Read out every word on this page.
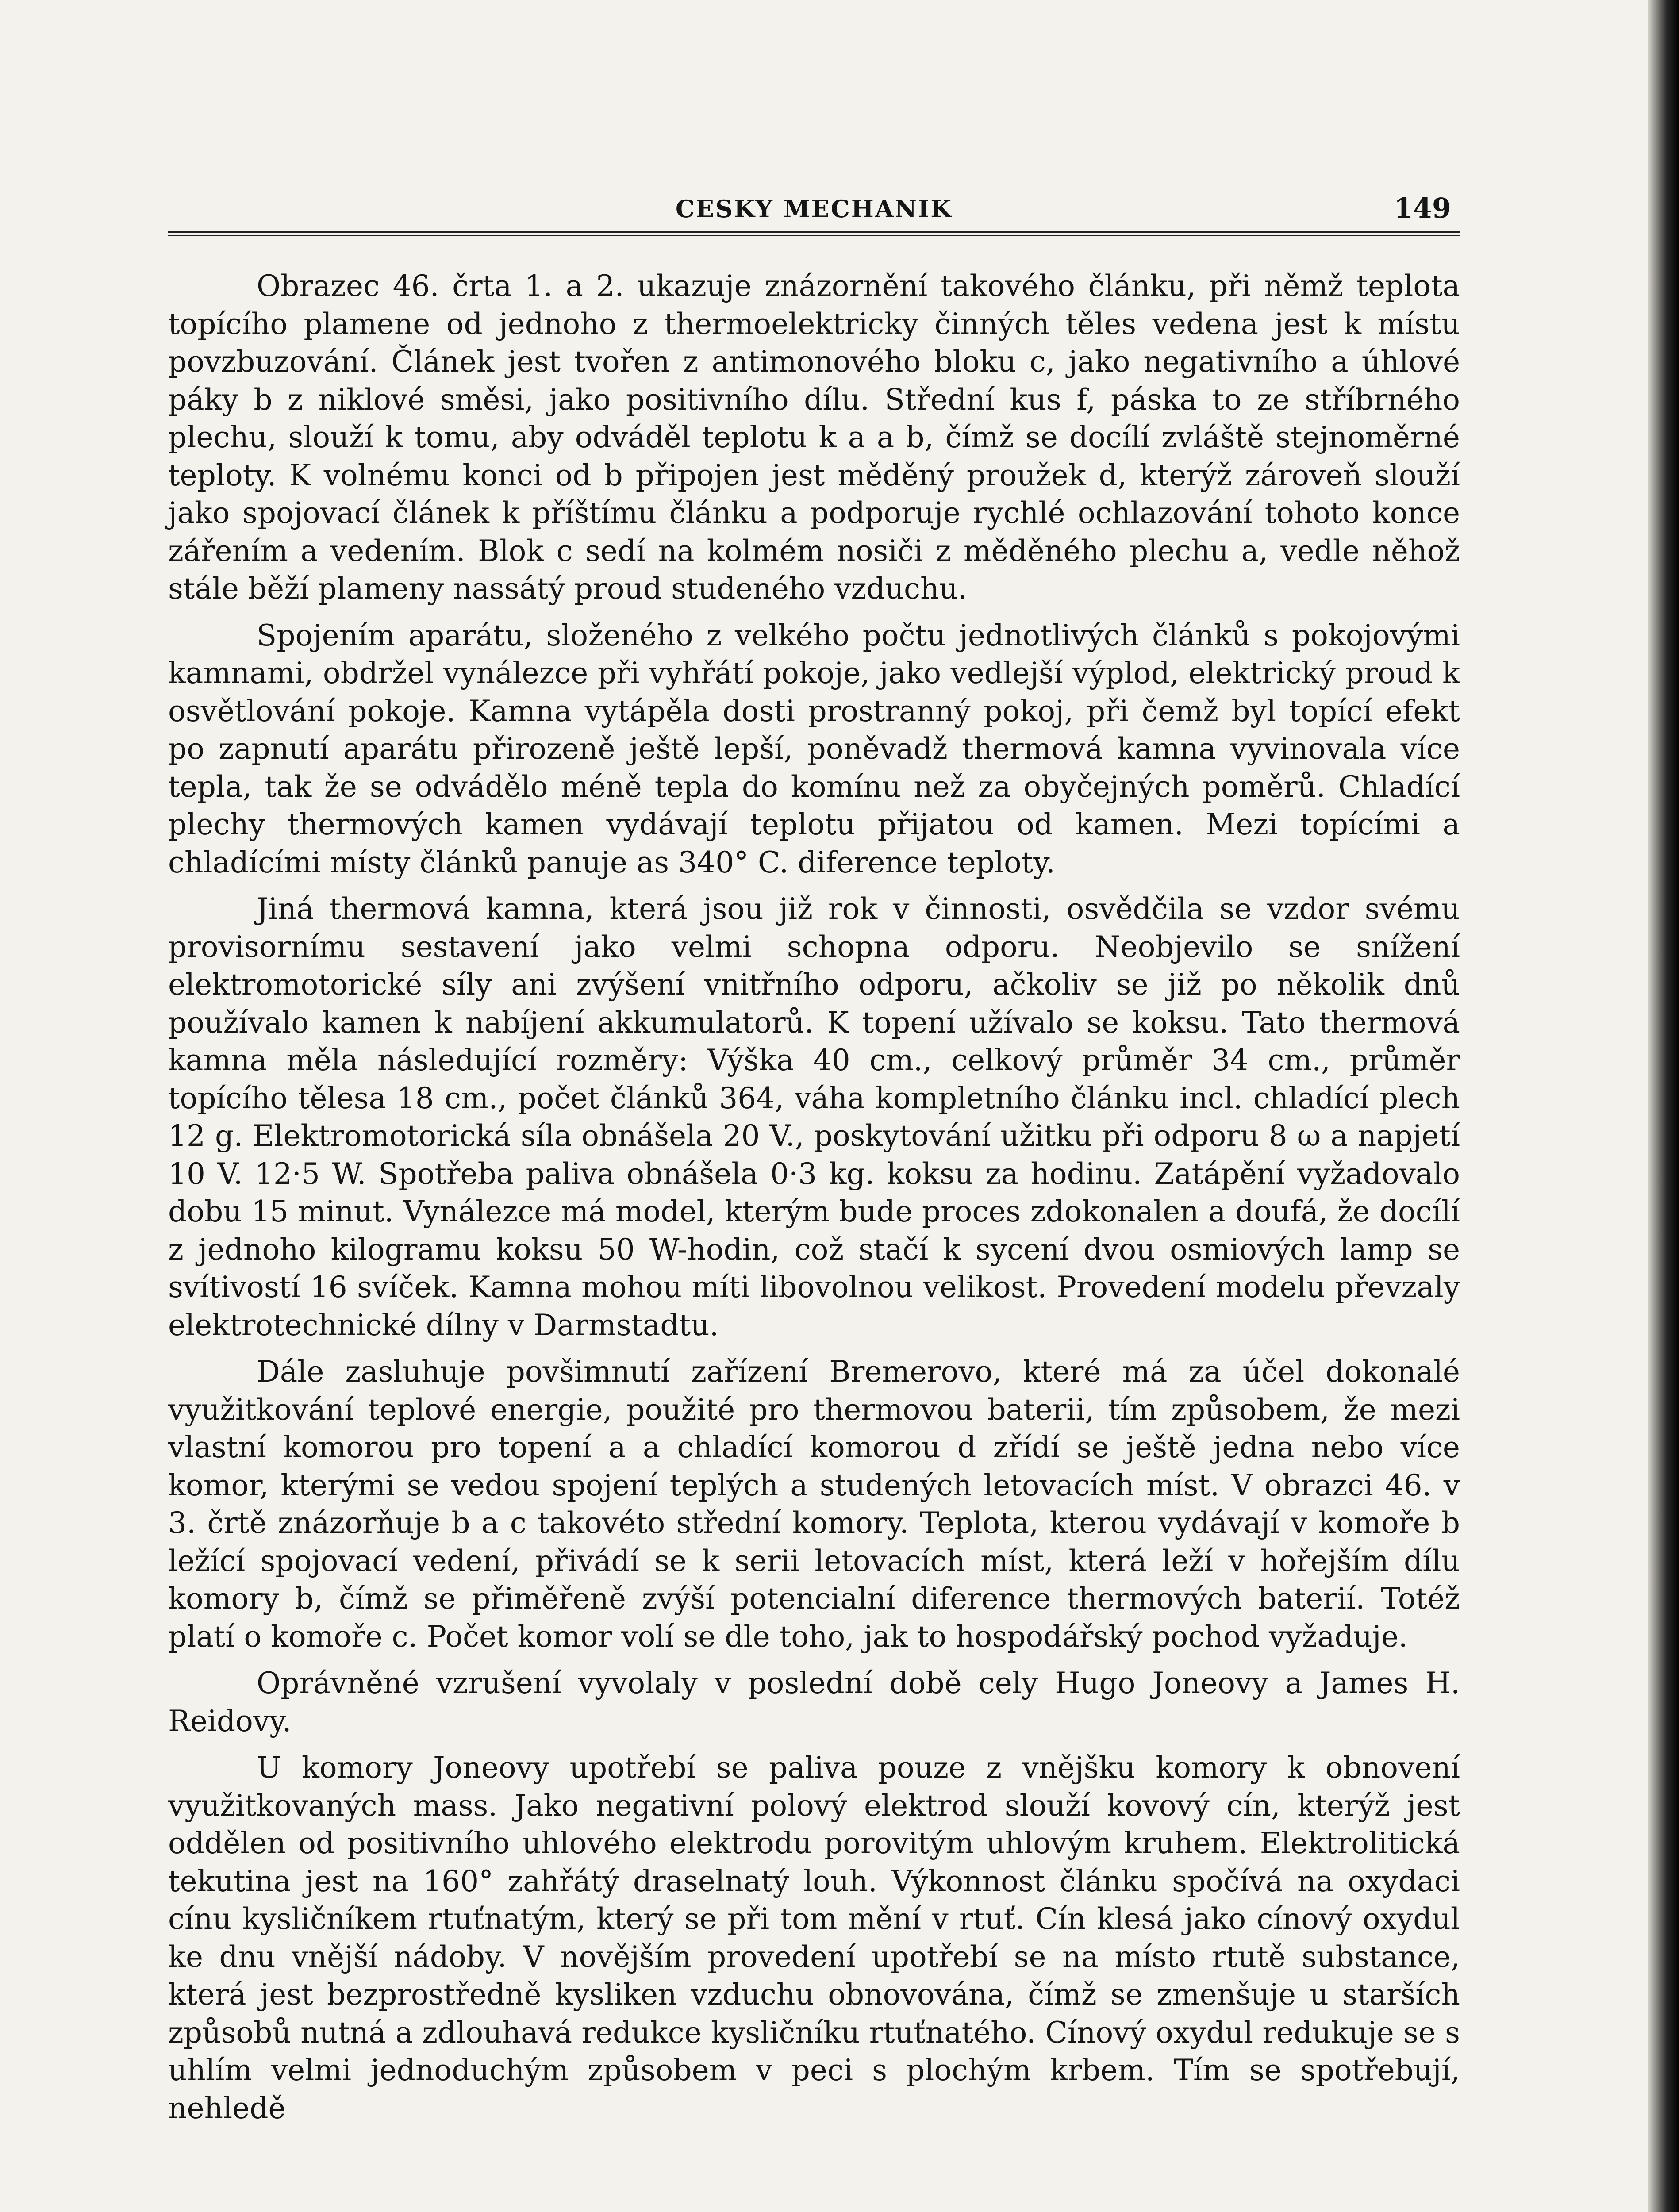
CESKY MECHANIK	149

Obrazec 46. črta 1. a 2. ukazuje znázornění takového článku, při němž teplota topícího plamene od jednoho z thermoelektricky činných těles vedena jest k místu povzbuzování. Článek jest tvořen z antimonového bloku c, jako negativního a úhlové páky b z niklové směsi, jako positivního dílu. Střední kus f, páska to ze stříbrného plechu, slouží k tomu, aby odváděl teplotu k a a b, čímž se docílí zvláště stejnoměrné teploty. K volnému konci od b připojen jest měděný proužek d, kterýž zároveň slouží jako spojovací článek k příštímu článku a podporuje rychlé ochlazování tohoto konce zářením a vedením. Blok c sedí na kolmém nosiči z měděného plechu a, vedle něhož stále běží plameny nassátý proud studeného vzduchu.

Spojením aparátu, složeného z velkého počtu jednotlivých článků s pokojovými kamnami, obdržel vynálezce při vyhřátí pokoje, jako vedlejší výplod, elektrický proud k osvětlování pokoje. Kamna vytápěla dosti prostranný pokoj, při čemž byl topící efekt po zapnutí aparátu přirozeně ještě lepší, poněvadž thermová kamna vyvinovala více tepla, tak že se odvádělo méně tepla do komínu než za obyčejných poměrů. Chladící plechy thermových kamen vydávají teplotu přijatou od kamen. Mezi topícími a chladícími místy článků panuje as 340° C. diference teploty.

Jiná thermová kamna, která jsou již rok v činnosti, osvědčila se vzdor svému provisornímu sestavení jako velmi schopna odporu. Neobjevilo se snížení elektromotorické síly ani zvýšení vnitřního odporu, ačkoliv se již po několik dnů používalo kamen k nabíjení akkumulatorů. K topení užívalo se koksu. Tato thermová kamna měla následující rozměry: Výška 40 cm., celkový průměr 34 cm., průměr topícího tělesa 18 cm., počet článků 364, váha kompletního článku incl. chladící plech 12 g. Elektromotorická síla obnášela 20 V., poskytování užitku při odporu 8 ω a napjetí 10 V. 12·5 W. Spotřeba paliva obnášela 0·3 kg. koksu za hodinu. Zatápění vyžadovalo dobu 15 minut. Vynálezce má model, kterým bude proces zdokonalen a doufá, že docílí z jednoho kilogramu koksu 50 W-hodin, což stačí k sycení dvou osmiových lamp se svítivostí 16 svíček. Kamna mohou míti libovolnou velikost. Provedení modelu převzaly elektrotechnické dílny v Darmstadtu.

Dále zasluhuje povšimnutí zařízení Bremerovo, které má za účel dokonalé využitkování teplové energie, použité pro thermovou baterii, tím způsobem, že mezi vlastní komorou pro topení a a chladící komorou d zřídí se ještě jedna nebo více komor, kterými se vedou spojení teplých a studených letovacích míst. V obrazci 46. v 3. črtě znázorňuje b a c takovéto střední komory. Teplota, kterou vydávají v komoře b ležící spojovací vedení, přivádí se k serii letovacích míst, která leží v hořejším dílu komory b, čímž se přiměřeně zvýší potencialní diference thermových baterií. Totéž platí o komoře c. Počet komor volí se dle toho, jak to hospodářský pochod vyžaduje.

Oprávněné vzrušení vyvolaly v poslední době cely Hugo Joneovy a James H. Reidovy.

U komory Joneovy upotřebí se paliva pouze z vnějšku komory k obnovení využitkovaných mass. Jako negativní polový elektrod slouží kovový cín, kterýž jest oddělen od positivního uhlového elektrodu porovitým uhlovým kruhem. Elektrolitická tekutina jest na 160° zahřátý draselnatý louh. Výkonnost článku spočívá na oxydaci cínu kysličníkem rtuťnatým, který se při tom mění v rtuť. Cín klesá jako cínový oxydul ke dnu vnější nádoby. V novějším provedení upotřebí se na místo rtutě substance, která jest bezprostředně kysliken vzduchu obnovována, čímž se zmenšuje u starších způsobů nutná a zdlouhavá redukce kysličníku rtuťnatého. Cínový oxydul redukuje se s uhlím velmi jednoduchým způsobem v peci s plochým krbem. Tím se spotřebují, nehledě
